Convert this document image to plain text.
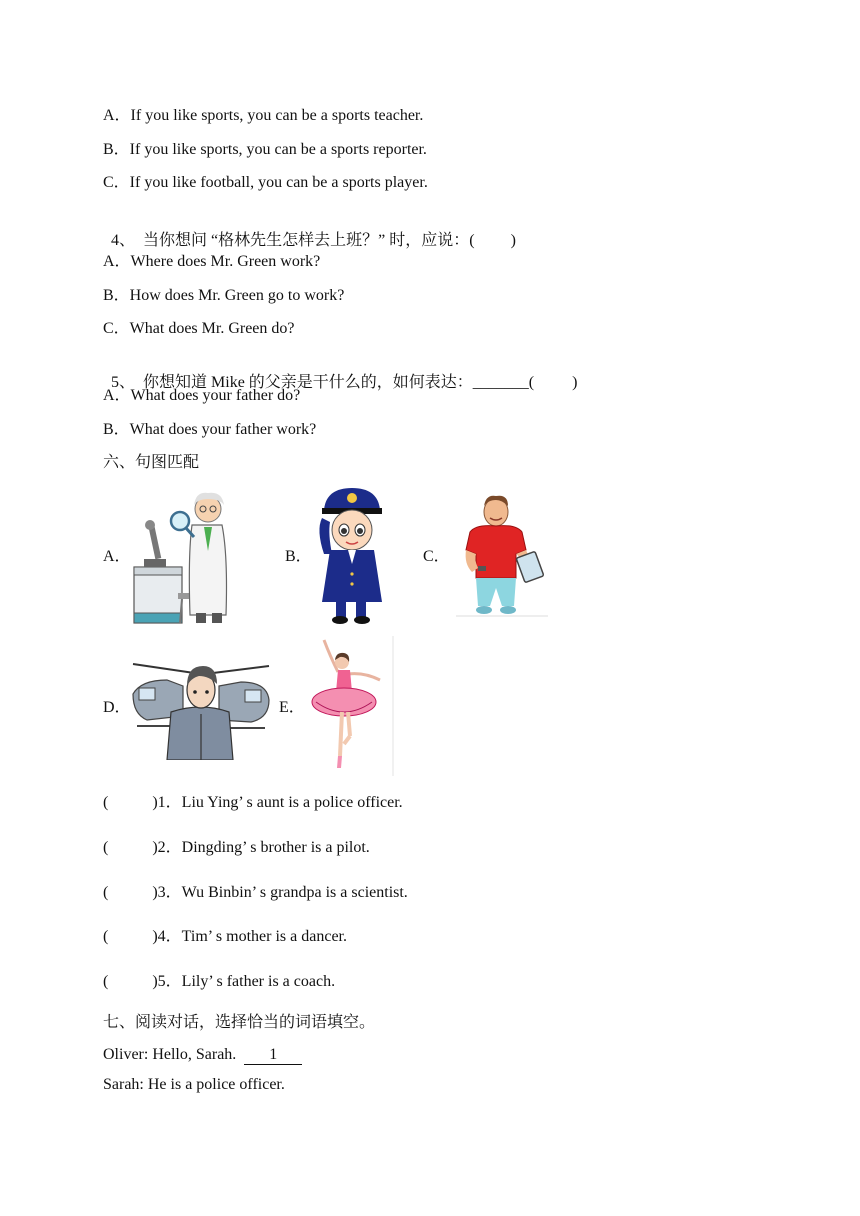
A．If you like sports, you can be a sports teacher.
B．If you like sports, you can be a sports reporter.
C．If you like football, you can be a sports player.

4、 当你想问 “格林先生怎样去上班？” 时，应说：( )

A．Where does Mr. Green work?
B．How does Mr. Green go to work?
C．What does Mr. Green do?

5、 你想知道 Mike 的父亲是干什么的，如何表达：_______( )

A．What does your father do?
B．What does your father work?
六、句图匹配
A．	B．	C．
D．	E．
(	)1．Liu Ying’ s aunt is a police officer.
(	)2．Dingding’ s brother is a pilot.
(	)3．Wu Binbin’ s grandpa is a scientist.
(	)4．Tim’ s mother is a dancer.
(	)5．Lily’ s father is a coach.
七、阅读对话，选择恰当的词语填空。
Oliver: Hello, Sarah. 1
Sarah: He is a police officer.
